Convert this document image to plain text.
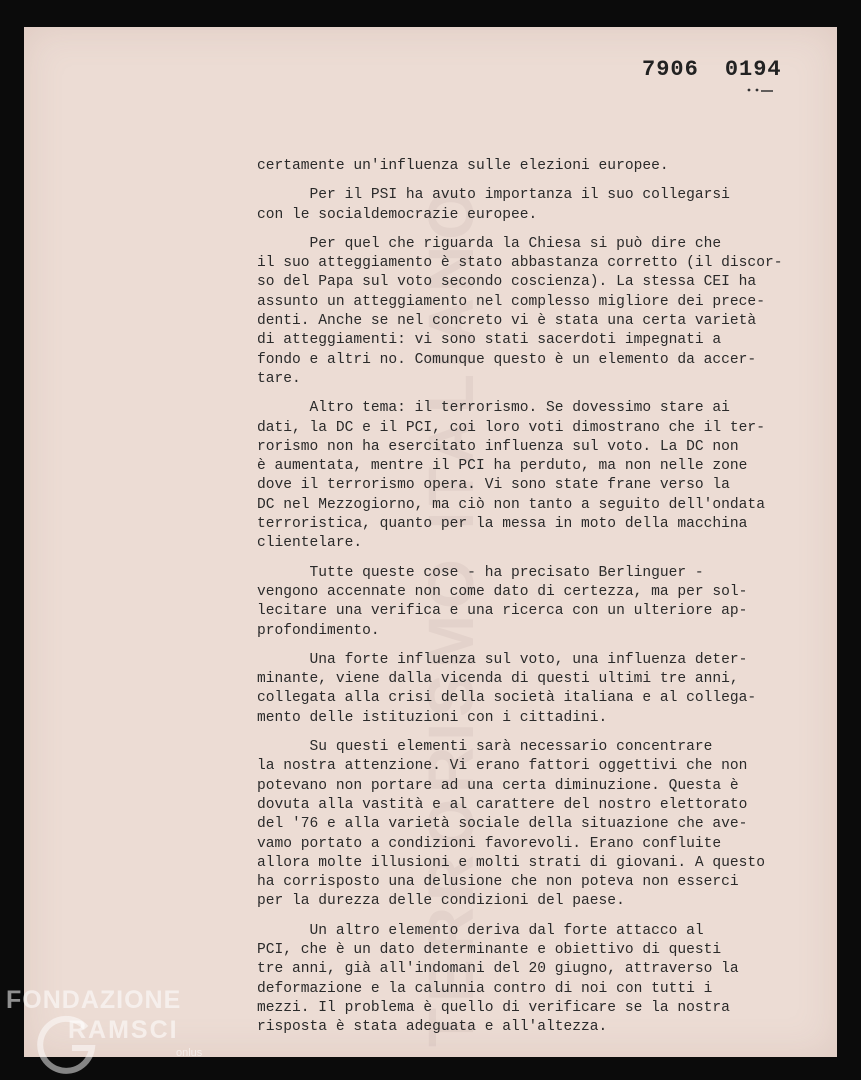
TERRORISMO ITALIANO
7906 0194

certamente un'influenza sulle elezioni europee.

Per il PSI ha avuto importanza il suo collegarsi
con le socialdemocrazie europee.

Per quel che riguarda la Chiesa si può dire che
il suo atteggiamento è stato abbastanza corretto (il discor-
so del Papa sul voto secondo coscienza). La stessa CEI ha
assunto un atteggiamento nel complesso migliore dei prece-
denti. Anche se nel concreto vi è stata una certa varietà
di atteggiamenti: vi sono stati sacerdoti impegnati a
fondo e altri no. Comunque questo è un elemento da accer-
tare.

Altro tema: il terrorismo. Se dovessimo stare ai
dati, la DC e il PCI, coi loro voti dimostrano che il ter-
rorismo non ha esercitato influenza sul voto. La DC non
è aumentata, mentre il PCI ha perduto, ma non nelle zone
dove il terrorismo opera. Vi sono state frane verso la
DC nel Mezzogiorno, ma ciò non tanto a seguito dell'ondata
terroristica, quanto per la messa in moto della macchina
clientelare.

Tutte queste cose - ha precisato Berlinguer -
vengono accennate non come dato di certezza, ma per sol-
lecitare una verifica e una ricerca con un ulteriore ap-
profondimento.

Una forte influenza sul voto, una influenza deter-
minante, viene dalla vicenda di questi ultimi tre anni,
collegata alla crisi della società italiana e al collega-
mento delle istituzioni con i cittadini.

Su questi elementi sarà necessario concentrare
la nostra attenzione. Vi erano fattori oggettivi che non
potevano non portare ad una certa diminuzione. Questa è
dovuta alla vastità e al carattere del nostro elettorato
del '76 e alla varietà sociale della situazione che ave-
vamo portato a condizioni favorevoli. Erano confluite
allora molte illusioni e molti strati di giovani. A questo
ha corrisposto una delusione che non poteva non esserci
per la durezza delle condizioni del paese.

Un altro elemento deriva dal forte attacco al
PCI, che è un dato determinante e obiettivo di questi
tre anni, già all'indomani del 20 giugno, attraverso la
deformazione e la calunnia contro di noi con tutti i
mezzi. Il problema è quello di verificare se la nostra
risposta è stata adeguata e all'altezza.

FONDAZIONE
RAMSCI
onlus
